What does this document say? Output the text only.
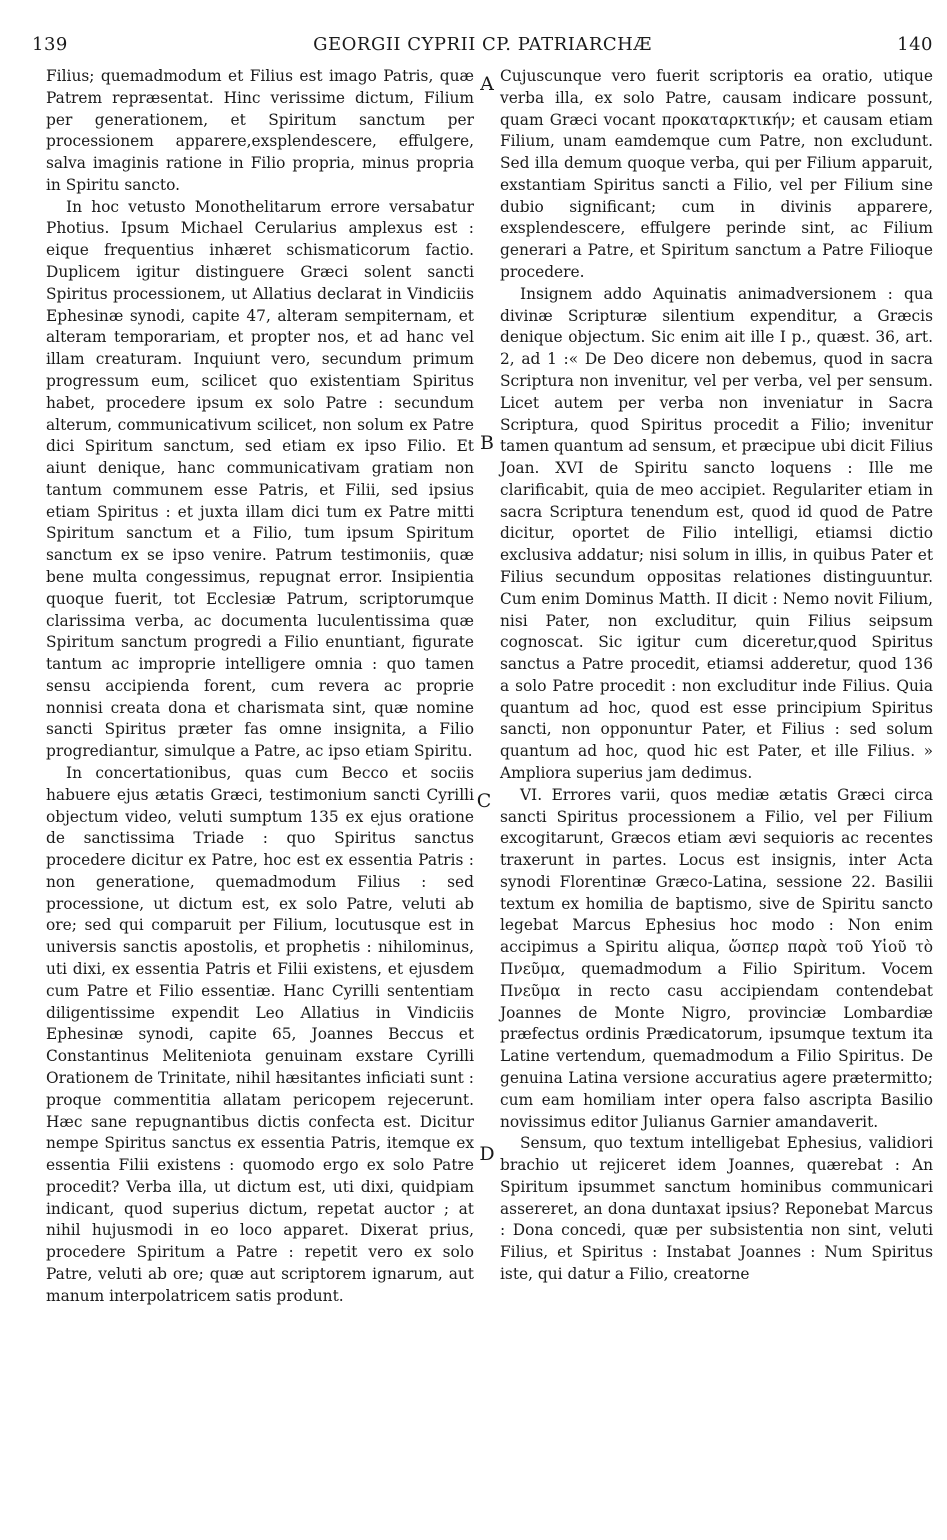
139	GEORGII CYPRII CP. PATRIARCHÆ	140

Filius; quemadmodum et Filius est imago Patris, quæ Patrem repræsentat. Hinc verissime dictum, Filium per generationem, et Spiritum sanctum per processionem apparere,exsplendescere, effulgere, salva imaginis ratione in Filio propria, minus propria in Spiritu sancto.

In hoc vetusto Monothelitarum errore versabatur Photius. Ipsum Michael Cerularius amplexus est : eique frequentius inhæret schismaticorum factio. Duplicem igitur distinguere Græci solent sancti Spiritus processionem, ut Allatius declarat in Vindiciis Ephesinæ synodi, capite 47, alteram sempiternam, et alteram temporariam, et propter nos, et ad hanc vel illam creaturam. Inquiunt vero, secundum primum progressum eum, scilicet quo existentiam Spiritus habet, procedere ipsum ex solo Patre : secundum alterum, communicativum scilicet, non solum ex Patre dici Spiritum sanctum, sed etiam ex ipso Filio. Et aiunt denique, hanc communicativam gratiam non tantum communem esse Patris, et Filii, sed ipsius etiam Spiritus : et juxta illam dici tum ex Patre mitti Spiritum sanctum et a Filio, tum ipsum Spiritum sanctum ex se ipso venire. Patrum testimoniis, quæ bene multa congessimus, repugnat error. Insipientia quoque fuerit, tot Ecclesiæ Patrum, scriptorumque clarissima verba, ac documenta luculentissima quæ Spiritum sanctum progredi a Filio enuntiant, figurate tantum ac improprie intelligere omnia : quo tamen sensu accipienda forent, cum revera ac proprie nonnisi creata dona et charismata sint, quæ nomine sancti Spiritus præter fas omne insignita, a Filio progrediantur, simulque a Patre, ac ipso etiam Spiritu.

In concertationibus, quas cum Becco et sociis habuere ejus ætatis Græci, testimonium sancti Cyrilli objectum video, veluti sumptum 135 ex ejus oratione de sanctissima Triade : quo Spiritus sanctus procedere dicitur ex Patre, hoc est ex essentia Patris : non generatione, quemadmodum Filius : sed processione, ut dictum est, ex solo Patre, veluti ab ore; sed qui comparuit per Filium, locutusque est in universis sanctis apostolis, et prophetis : nihilominus, uti dixi, ex essentia Patris et Filii existens, et ejusdem cum Patre et Filio essentiæ. Hanc Cyrilli sententiam diligentissime expendit Leo Allatius in Vindiciis Ephesinæ synodi, capite 65, Joannes Beccus et Constantinus Meliteniota genuinam exstare Cyrilli Orationem de Trinitate, nihil hæsitantes inficiati sunt : proque commentitia allatam pericopem rejecerunt. Hæc sane repugnantibus dictis confecta est. Dicitur nempe Spiritus sanctus ex essentia Patris, itemque ex essentia Filii existens : quomodo ergo ex solo Patre procedit? Verba illa, ut dictum est, uti dixi, quidpiam indicant, quod superius dictum, repetat auctor ; at nihil hujusmodi in eo loco apparet. Dixerat prius, procedere Spiritum a Patre : repetit vero ex solo Patre, veluti ab ore; quæ aut scriptorem ignarum, aut manum interpolatricem satis produnt.

Cujuscunque vero fuerit scriptoris ea oratio, utique verba illa, ex solo Patre, causam indicare possunt, quam Græci vocant προκαταρκτικήν; et causam etiam Filium, unam eamdemque cum Patre, non excludunt. Sed illa demum quoque verba, qui per Filium apparuit, exstantiam Spiritus sancti a Filio, vel per Filium sine dubio significant; cum in divinis apparere, exsplendescere, effulgere perinde sint, ac Filium generari a Patre, et Spiritum sanctum a Patre Filioque procedere.

Insignem addo Aquinatis animadversionem : qua divinæ Scripturæ silentium expenditur, a Græcis denique objectum. Sic enim ait ille I p., quæst. 36, art. 2, ad 1 :« De Deo dicere non debemus, quod in sacra Scriptura non invenitur, vel per verba, vel per sensum. Licet autem per verba non inveniatur in Sacra Scriptura, quod Spiritus procedit a Filio; invenitur tamen quantum ad sensum, et præcipue ubi dicit Filius Joan. XVI de Spiritu sancto loquens : Ille me clarificabit, quia de meo accipiet. Regulariter etiam in sacra Scriptura tenendum est, quod id quod de Patre dicitur, oportet de Filio intelligi, etiamsi dictio exclusiva addatur; nisi solum in illis, in quibus Pater et Filius secundum oppositas relationes distinguuntur. Cum enim Dominus Matth. II dicit : Nemo novit Filium, nisi Pater, non excluditur, quin Filius seipsum cognoscat. Sic igitur cum diceretur,quod Spiritus sanctus a Patre procedit, etiamsi adderetur, quod 136 a solo Patre procedit : non excluditur inde Filius. Quia quantum ad hoc, quod est esse principium Spiritus sancti, non opponuntur Pater, et Filius : sed solum quantum ad hoc, quod hic est Pater, et ille Filius. » Ampliora superius jam dedimus.

VI. Errores varii, quos mediæ ætatis Græci circa sancti Spiritus processionem a Filio, vel per Filium excogitarunt, Græcos etiam ævi sequioris ac recentes traxerunt in partes. Locus est insignis, inter Acta synodi Florentinæ Græco-Latina, sessione 22. Basilii textum ex homilia de baptismo, sive de Spiritu sancto legebat Marcus Ephesius hoc modo : Non enim accipimus a Spiritu aliqua, ὥσπερ παρὰ τοῦ Υἱοῦ τὸ Πνεῦμα, quemadmodum a Filio Spiritum. Vocem Πνεῦμα in recto casu accipiendam contendebat Joannes de Monte Nigro, provinciæ Lombardiæ præfectus ordinis Prædicatorum, ipsumque textum ita Latine vertendum, quemadmodum a Filio Spiritus. De genuina Latina versione accuratius agere prætermitto; cum eam homiliam inter opera falso ascripta Basilio novissimus editor Julianus Garnier amandaverit.

Sensum, quo textum intelligebat Ephesius, validiori brachio ut rejiceret idem Joannes, quærebat : An Spiritum ipsummet sanctum hominibus communicari assereret, an dona duntaxat ipsius? Reponebat Marcus : Dona concedi, quæ per subsistentia non sint, veluti Filius, et Spiritus : Instabat Joannes : Num Spiritus iste, qui datur a Filio, creatorne

A
B
C
D
